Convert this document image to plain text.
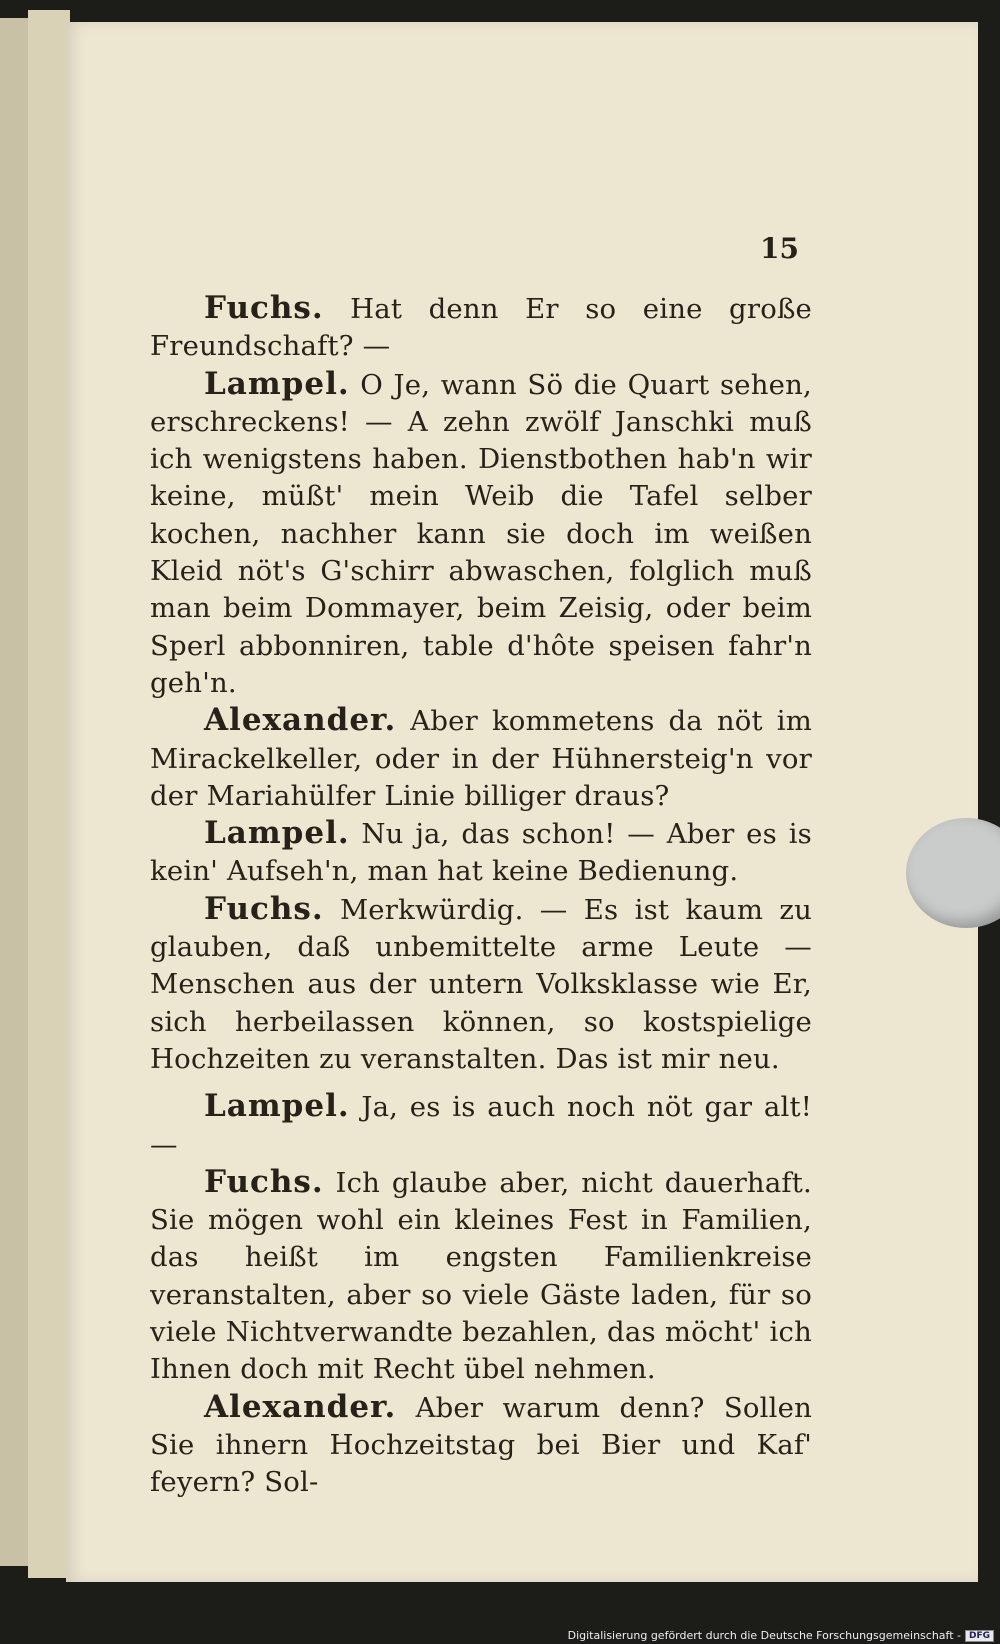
15

Fuchs. Hat denn Er so eine große Freundschaft? —

Lampel. O Je, wann Sö die Quart sehen, erschreckens! — A zehn zwölf Janschki muß ich wenigstens haben. Dienstbothen hab'n wir keine, müßt' mein Weib die Tafel selber kochen, nachher kann sie doch im weißen Kleid nöt's G'schirr abwaschen, folglich muß man beim Dommayer, beim Zeisig, oder beim Sperl abbonniren, table d'hôte speisen fahr'n geh'n.

Alexander. Aber kommetens da nöt im Mirackelkeller, oder in der Hühnersteig'n vor der Mariahülfer Linie billiger draus?

Lampel. Nu ja, das schon! — Aber es is kein' Aufseh'n, man hat keine Bedienung.

Fuchs. Merkwürdig. — Es ist kaum zu glauben, daß unbemittelte arme Leute — Menschen aus der untern Volksklasse wie Er, sich herbeilassen können, so kostspielige Hochzeiten zu veranstalten. Das ist mir neu.

Lampel. Ja, es is auch noch nöt gar alt! —

Fuchs. Ich glaube aber, nicht dauerhaft. Sie mögen wohl ein kleines Fest in Familien, das heißt im engsten Familienkreise veranstalten, aber so viele Gäste laden, für so viele Nichtverwandte bezahlen, das möcht' ich Ihnen doch mit Recht übel nehmen.

Alexander. Aber warum denn? Sollen Sie ihnern Hochzeitstag bei Bier und Kaf' feyern? Sol-

Digitalisierung gefördert durch die Deutsche Forschungsgemeinschaft - DFG
